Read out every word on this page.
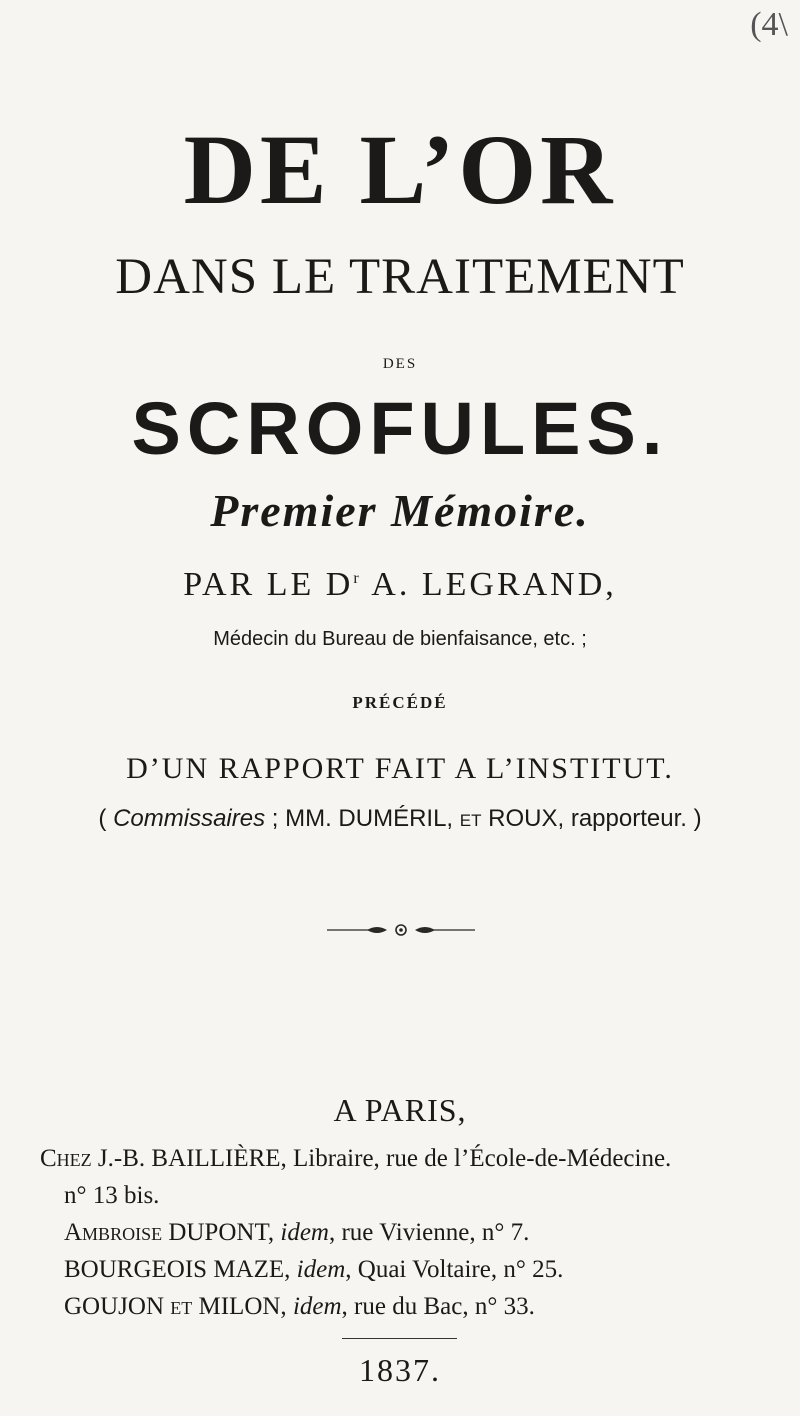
(4\
DE L’OR
DANS LE TRAITEMENT
DES
SCROFULES.
Premier Mémoire.
PAR LE $D^r$ A. LEGRAND,
Médecin du Bureau de bienfaisance, etc. ;
PRÉCÉDÉ
D’UN RAPPORT FAIT A L’INSTITUT.
( Commissaires ; MM. DUMÉRIL, et ROUX, rapporteur. )
A PARIS,
Chez J.-B. BAILLIÈRE, Libraire, rue de l’École-de-Médecine.
n° 13 bis.
Ambroise DUPONT, idem, rue Vivienne, n° 7.
BOURGEOIS MAZE, idem, Quai Voltaire, n° 25.
GOUJON et MILON, idem, rue du Bac, n° 33.
1837.
